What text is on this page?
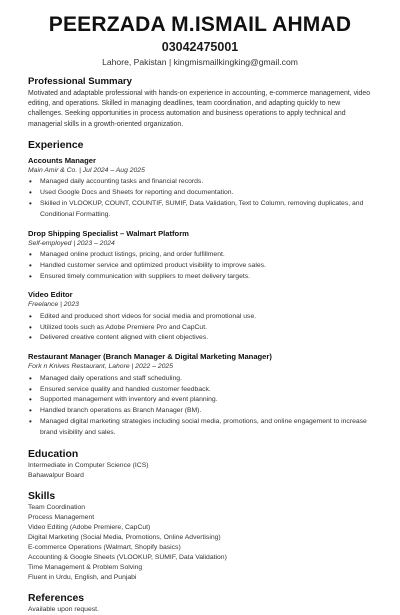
PEERZADA M.ISMAIL AHMAD
03042475001
Lahore, Pakistan | kingmismailkingking@gmail.com
Professional Summary
Motivated and adaptable professional with hands-on experience in accounting, e-commerce management, video editing, and operations. Skilled in managing deadlines, team coordination, and adapting quickly to new challenges. Seeking opportunities in process automation and business operations to apply technical and managerial skills in a growth-oriented organization.
Experience
Accounts Manager
Main Amir & Co. | Jul 2024 – Aug 2025
• Managed daily accounting tasks and financial records.
• Used Google Docs and Sheets for reporting and documentation.
• Skilled in VLOOKUP, COUNT, COUNTIF, SUMIF, Data Validation, Text to Column, removing duplicates, and Conditional Formatting.
Drop Shipping Specialist – Walmart Platform
Self-employed | 2023 – 2024
• Managed online product listings, pricing, and order fulfillment.
• Handled customer service and optimized product visibility to improve sales.
• Ensured timely communication with suppliers to meet delivery targets.
Video Editor
Freelance | 2023
• Edited and produced short videos for social media and promotional use.
• Utilized tools such as Adobe Premiere Pro and CapCut.
• Delivered creative content aligned with client objectives.
Restaurant Manager (Branch Manager & Digital Marketing Manager)
Fork n Knives Restaurant, Lahore | 2022 – 2025
• Managed daily operations and staff scheduling.
• Ensured service quality and handled customer feedback.
• Supported management with inventory and event planning.
• Handled branch operations as Branch Manager (BM).
• Managed digital marketing strategies including social media, promotions, and online engagement to increase brand visibility and sales.
Education
Intermediate in Computer Science (ICS)
Bahawalpur Board
Skills
Team Coordination
Process Management
Video Editing (Adobe Premiere, CapCut)
Digital Marketing (Social Media, Promotions, Online Advertising)
E-commerce Operations (Walmart, Shopify basics)
Accounting & Google Sheets (VLOOKUP, SUMIF, Data Validation)
Time Management & Problem Solving
Fluent in Urdu, English, and Punjabi
References
Available upon request.
